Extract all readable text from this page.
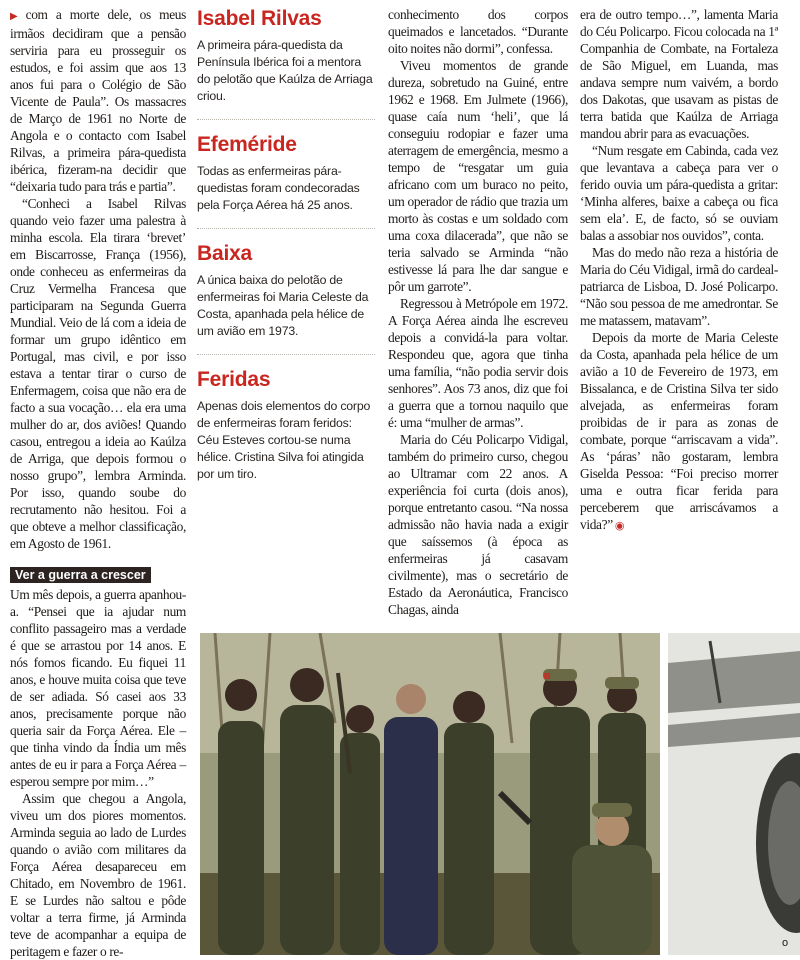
▶ com a morte dele, os meus irmãos decidiram que a pensão serviria para eu prosseguir os estudos, e foi assim que aos 13 anos fui para o Colégio de São Vicente de Paula”. Os massacres de Março de 1961 no Norte de Angola e o contacto com Isabel Rilvas, a primeira pára-quedista ibérica, fizeram-na decidir que “deixaria tudo para trás e partia”.

“Conheci a Isabel Rilvas quando veio fazer uma palestra à minha escola. Ela tirara ‘brevet’ em Biscarrosse, França (1956), onde conheceu as enfermeiras da Cruz Vermelha Francesa que participaram na Segunda Guerra Mundial. Veio de lá com a ideia de formar um grupo idêntico em Portugal, mas civil, e por isso estava a tentar tirar o curso de Enfermagem, coisa que não era de facto a sua vocação… ela era uma mulher do ar, dos aviões! Quando casou, entregou a ideia ao Kaúlza de Arriga, que depois formou o nosso grupo”, lembra Arminda. Por isso, quando soube do recrutamento não hesitou. Foi a que obteve a melhor classificação, em Agosto de 1961.

Ver a guerra a crescer

Um mês depois, a guerra apanhou-a. “Pensei que ia ajudar num conflito passageiro mas a verdade é que se arrastou por 14 anos. E nós fomos ficando. Eu fiquei 11 anos, e houve muita coisa que teve de ser adiada. Só casei aos 33 anos, precisamente porque não queria sair da Força Aérea. Ele – que tinha vindo da Índia um mês antes de eu ir para a Força Aérea – esperou sempre por mim…”

Assim que chegou a Angola, viveu um dos piores momentos. Arminda seguia ao lado de Lurdes quando o avião com militares da Força Aérea desapareceu em Chitado, em Novembro de 1961. E se Lurdes não saltou e pôde voltar a terra firme, já Arminda teve de acompanhar a equipa de peritagem e fazer o re-

Isabel Rilvas
A primeira pára-quedista da Península Ibérica foi a mentora do pelotão que Kaúlza de Arriaga criou.
Efeméride
Todas as enfermeiras pára-quedistas foram condecoradas pela Força Aérea há 25 anos.
Baixa
A única baixa do pelotão de enfermeiras foi Maria Celeste da Costa, apanhada pela hélice de um avião em 1973.
Feridas
Apenas dois elementos do corpo de enfermeiras foram feridos: Céu Esteves cortou-se numa hélice. Cristina Silva foi atingida por um tiro.

conhecimento dos corpos queimados e lancetados. “Durante oito noites não dormi”, confessa.

Viveu momentos de grande dureza, sobretudo na Guiné, entre 1962 e 1968. Em Julmete (1966), quase caía num ‘heli’, que lá conseguiu rodopiar e fazer uma aterragem de emergência, mesmo a tempo de “resgatar um guia africano com um buraco no peito, um operador de rádio que trazia um morto às costas e um soldado com uma coxa dilacerada”, que não se teria salvado se Arminda “não estivesse lá para lhe dar sangue e pôr um garrote”.

Regressou à Metrópole em 1972. A Força Aérea ainda lhe escreveu depois a convidá-la para voltar. Respondeu que, agora que tinha uma família, “não podia servir dois senhores”. Aos 73 anos, diz que foi a guerra que a tornou naquilo que é: uma “mulher de armas”.

Maria do Céu Policarpo Vidigal, também do primeiro curso, chegou ao Ultramar com 22 anos. A experiência foi curta (dois anos), porque entretanto casou. “Na nossa admissão não havia nada a exigir que saíssemos (à época as enfermeiras já casavam civilmente), mas o secretário de Estado da Aeronáutica, Francisco Chagas, ainda

era de outro tempo…”, lamenta Maria do Céu Policarpo. Ficou colocada na 1ª Companhia de Combate, na Fortaleza de São Miguel, em Luanda, mas andava sempre num vaivém, a bordo dos Dakotas, que usavam as pistas de terra batida que Kaúlza de Arriaga mandou abrir para as evacuações.

“Num resgate em Cabinda, cada vez que levantava a cabeça para ver o ferido ouvia um pára-quedista a gritar: ‘Minha alferes, baixe a cabeça ou fica sem ela’. E, de facto, só se ouviam balas a assobiar nos ouvidos”, conta.

Mas do medo não reza a história de Maria do Céu Vidigal, irmã do cardeal-patriarca de Lisboa, D. José Policarpo. “Não sou pessoa de me amedrontar. Se me matassem, matavam”.

Depois da morte de Maria Celeste da Costa, apanhada pela hélice de um avião a 10 de Fevereiro de 1973, em Bissalanca, e de Cristina Silva ter sido alvejada, as enfermeiras foram proibidas de ir para as zonas de combate, porque “arriscavam a vida”. As ‘páras’ não gostaram, lembra Giselda Pessoa: “Foi preciso morrer uma e outra ficar ferida para perceberem que arriscávamos a vida?” ◉

o
